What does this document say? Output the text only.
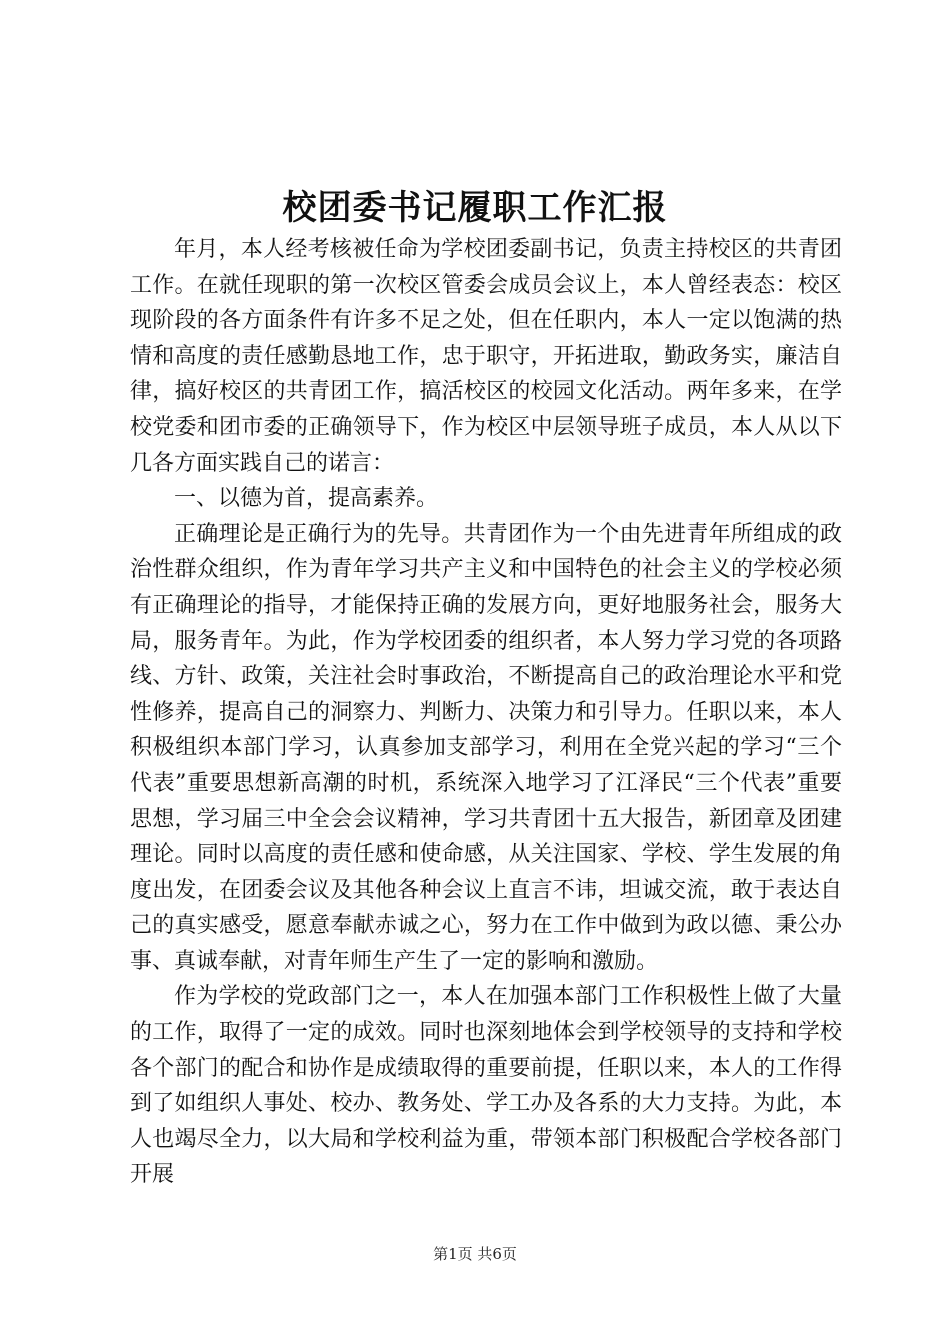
校团委书记履职工作汇报

年月，本人经考核被任命为学校团委副书记，负责主持校区的共青团工作。在就任现职的第一次校区管委会成员会议上，本人曾经表态：校区现阶段的各方面条件有许多不足之处，但在任职内，本人一定以饱满的热情和高度的责任感勤恳地工作，忠于职守，开拓进取，勤政务实，廉洁自律，搞好校区的共青团工作，搞活校区的校园文化活动。两年多来，在学校党委和团市委的正确领导下，作为校区中层领导班子成员，本人从以下几各方面实践自己的诺言：

一、以德为首，提高素养。

正确理论是正确行为的先导。共青团作为一个由先进青年所组成的政治性群众组织，作为青年学习共产主义和中国特色的社会主义的学校必须有正确理论的指导，才能保持正确的发展方向，更好地服务社会，服务大局，服务青年。为此，作为学校团委的组织者，本人努力学习党的各项路线、方针、政策，关注社会时事政治，不断提高自己的政治理论水平和党性修养，提高自己的洞察力、判断力、决策力和引导力。任职以来，本人积极组织本部门学习，认真参加支部学习，利用在全党兴起的学习“三个代表”重要思想新高潮的时机，系统深入地学习了江泽民“三个代表”重要思想，学习届三中全会会议精神，学习共青团十五大报告，新团章及团建理论。同时以高度的责任感和使命感，从关注国家、学校、学生发展的角度出发，在团委会议及其他各种会议上直言不讳，坦诚交流，敢于表达自己的真实感受，愿意奉献赤诚之心，努力在工作中做到为政以德、秉公办事、真诚奉献，对青年师生产生了一定的影响和激励。

作为学校的党政部门之一，本人在加强本部门工作积极性上做了大量的工作，取得了一定的成效。同时也深刻地体会到学校领导的支持和学校各个部门的配合和协作是成绩取得的重要前提，任职以来，本人的工作得到了如组织人事处、校办、教务处、学工办及各系的大力支持。为此，本人也竭尽全力，以大局和学校利益为重，带领本部门积极配合学校各部门开展

第1页 共6页
